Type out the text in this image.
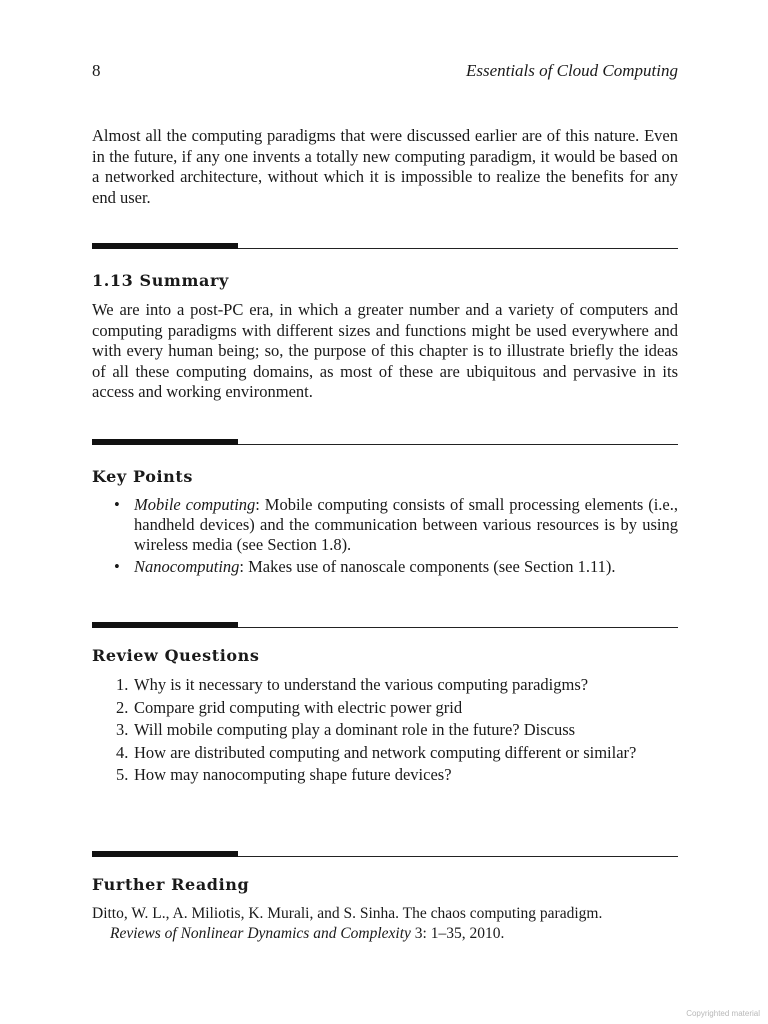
8	Essentials of Cloud Computing

Almost all the computing paradigms that were discussed earlier are of this nature. Even in the future, if any one invents a totally new computing paradigm, it would be based on a networked architecture, without which it is impossible to realize the benefits for any end user.

1.13 Summary

We are into a post-PC era, in which a greater number and a variety of computers and computing paradigms with different sizes and functions might be used everywhere and with every human being; so, the purpose of this chapter is to illustrate briefly the ideas of all these computing domains, as most of these are ubiquitous and pervasive in its access and working environment.

Key Points
• Mobile computing: Mobile computing consists of small processing elements (i.e., handheld devices) and the communication between various resources is by using wireless media (see Section 1.8).
• Nanocomputing: Makes use of nanoscale components (see Section 1.11).
Review Questions
1. Why is it necessary to understand the various computing paradigms?
2. Compare grid computing with electric power grid
3. Will mobile computing play a dominant role in the future? Discuss
4. How are distributed computing and network computing different or similar?
5. How may nanocomputing shape future devices?
Further Reading

Ditto, W. L., A. Miliotis, K. Murali, and S. Sinha. The chaos computing paradigm.
Reviews of Nonlinear Dynamics and Complexity 3: 1–35, 2010.

Copyrighted material
